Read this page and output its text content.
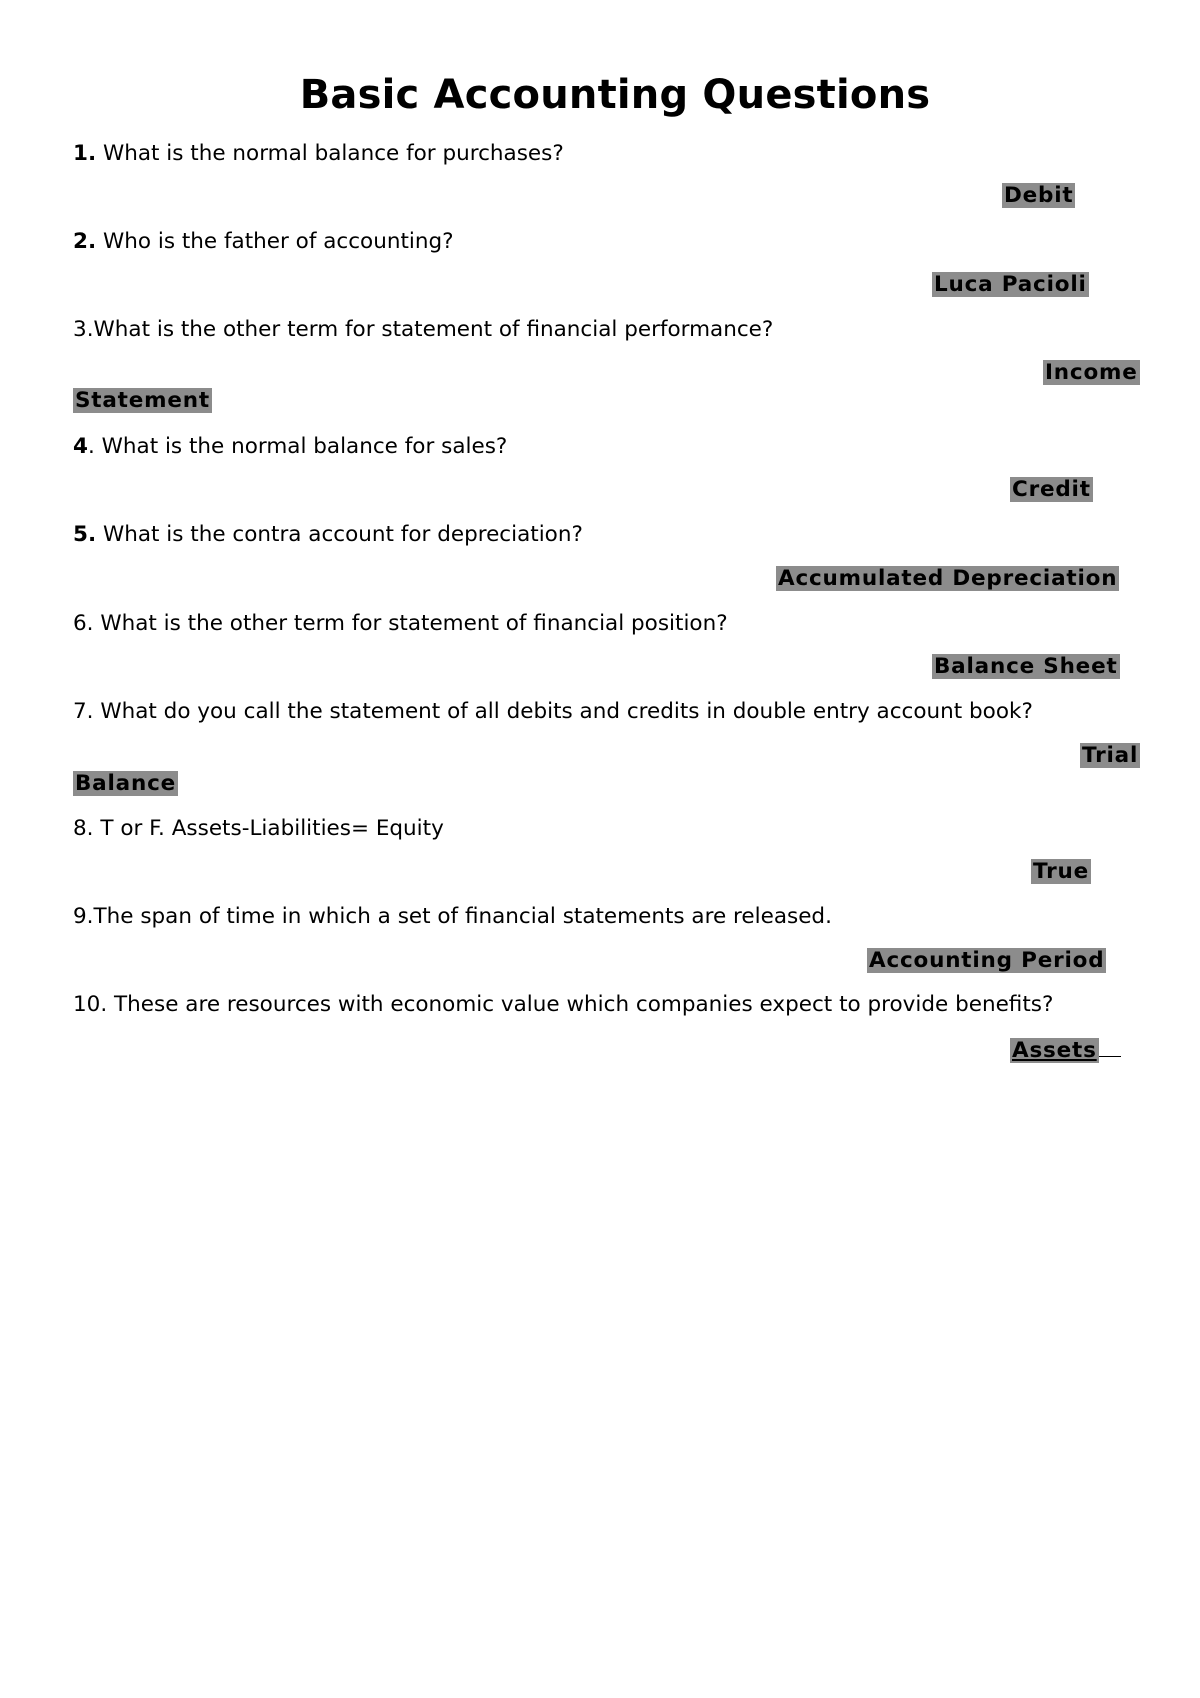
Basic Accounting Questions
1. What is the normal balance for purchases?
Debit
2. Who is the father of accounting?
Luca Pacioli
3.What is the other term for statement of financial performance?
Income
Statement
4. What is the normal balance for sales?
Credit
5. What is the contra account for depreciation?
Accumulated Depreciation
6. What is the other term for statement of financial position?
Balance Sheet
7. What do you call the statement of all debits and credits in double entry account book?
Trial
Balance
8. T or F. Assets-Liabilities= Equity
True
9.The span of time in which a set of financial statements are released.
Accounting Period
10. These are resources with economic value which companies expect to provide benefits?
Assets
